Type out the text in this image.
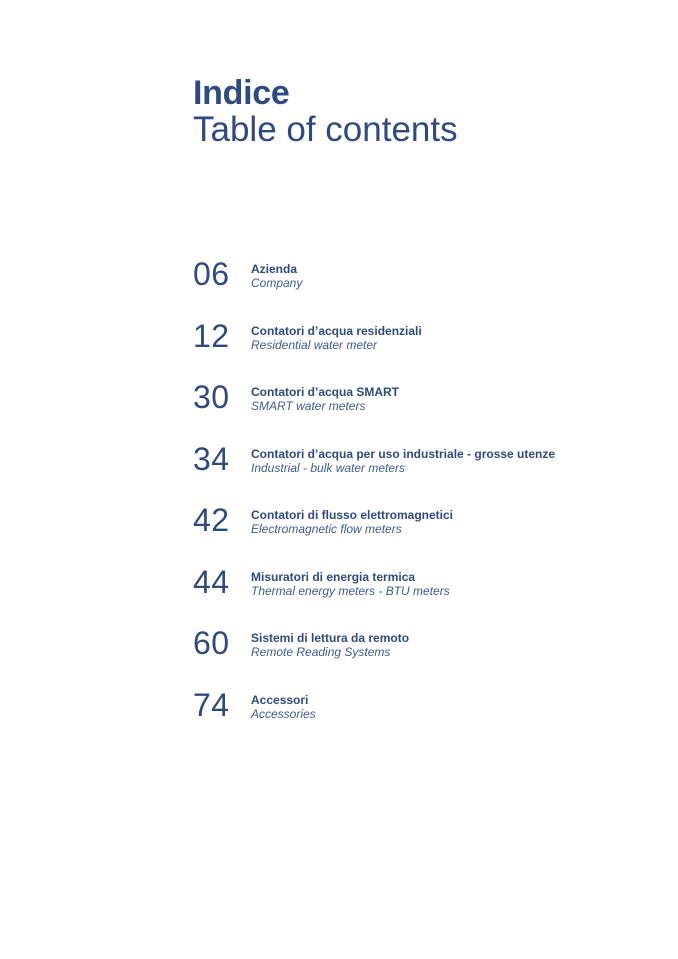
Indice
Table of contents
06 Azienda
Company
12 Contatori d’acqua residenziali
Residential water meter
30 Contatori d’acqua SMART
SMART water meters
34 Contatori d’acqua per uso industriale - grosse utenze
Industrial - bulk water meters
42 Contatori di flusso elettromagnetici
Electromagnetic flow meters
44 Misuratori di energia termica
Thermal energy meters - BTU meters
60 Sistemi di lettura da remoto
Remote Reading Systems
74 Accessori
Accessories
